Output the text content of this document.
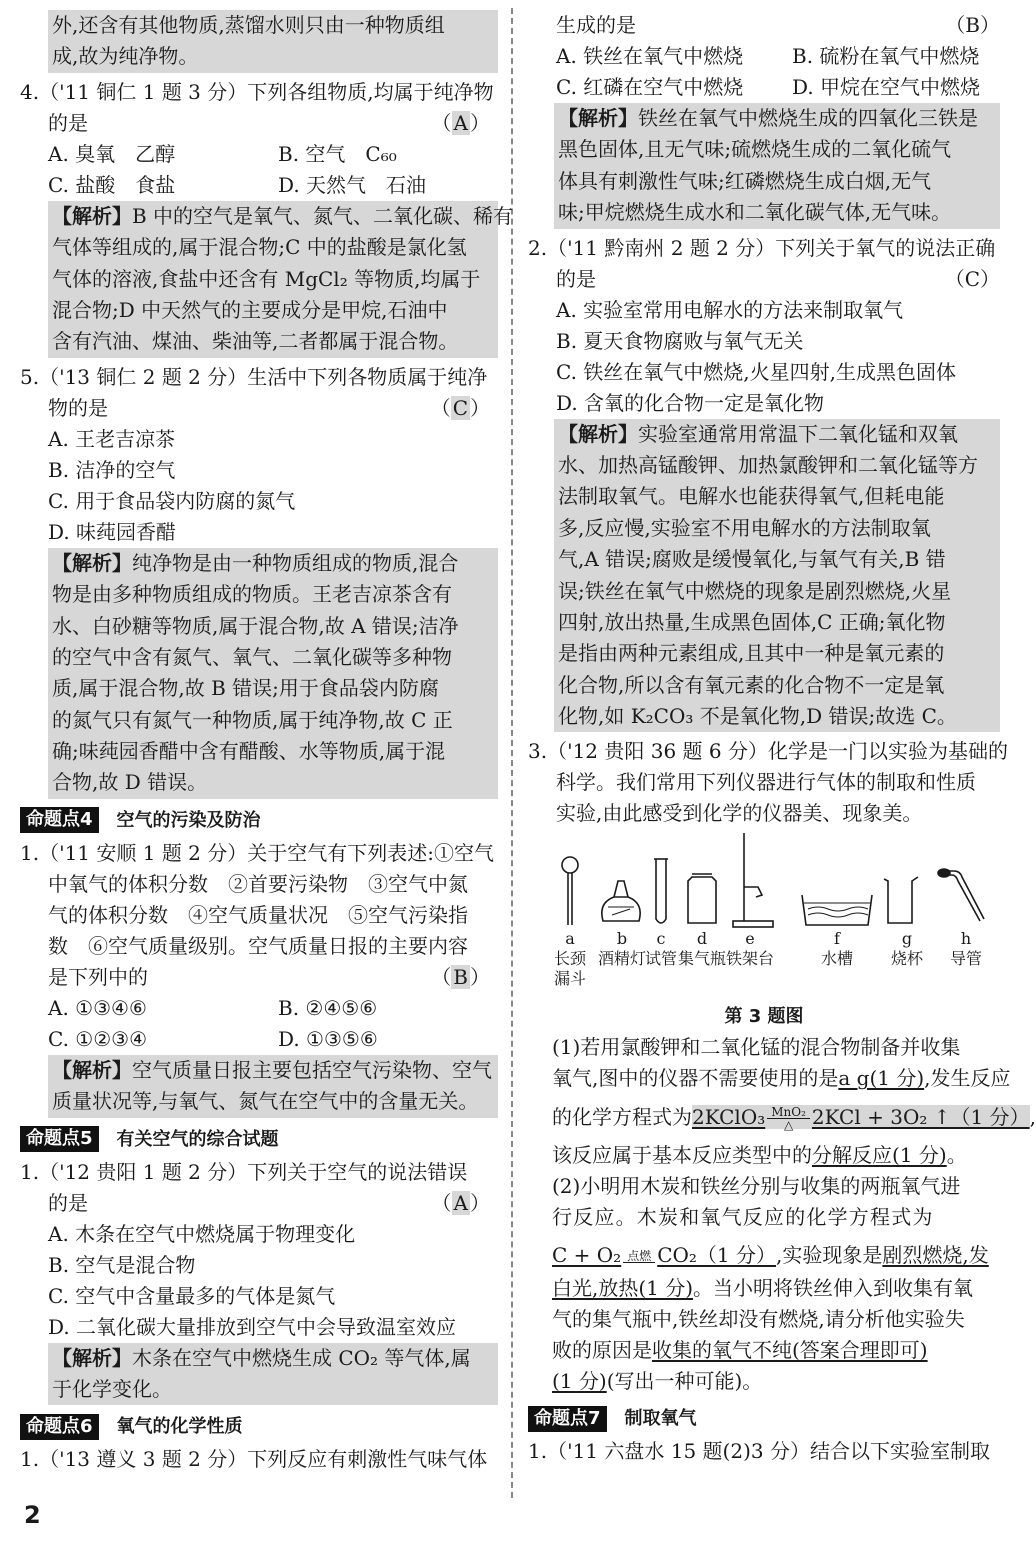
外,还含有其他物质,蒸馏水则只由一种物质组
成,故为纯净物。
4.（'11 铜仁 1 题 3 分）下列各组物质,均属于纯净物
的是	（ A ）
A. 臭氧　乙醇	B. 空气　C₆₀
C. 盐酸　食盐	D. 天然气　石油
【解析】B 中的空气是氧气、氮气、二氧化碳、稀有
气体等组成的,属于混合物;C 中的盐酸是氯化氢
气体的溶液,食盐中还含有 MgCl₂ 等物质,均属于
混合物;D 中天然气的主要成分是甲烷,石油中
含有汽油、煤油、柴油等,二者都属于混合物。
5.（'13 铜仁 2 题 2 分）生活中下列各物质属于纯净
物的是	（ C ）
A. 王老吉凉茶
B. 洁净的空气
C. 用于食品袋内防腐的氮气
D. 味莼园香醋
【解析】纯净物是由一种物质组成的物质,混合
物是由多种物质组成的物质。王老吉凉茶含有
水、白砂糖等物质,属于混合物,故 A 错误;洁净
的空气中含有氮气、氧气、二氧化碳等多种物
质,属于混合物,故 B 错误;用于食品袋内防腐
的氮气只有氮气一种物质,属于纯净物,故 C 正
确;味莼园香醋中含有醋酸、水等物质,属于混
合物,故 D 错误。
命题点4	空气的污染及防治
1.（'11 安顺 1 题 2 分）关于空气有下列表述:①空气
中氧气的体积分数　②首要污染物　③空气中氮
气的体积分数　④空气质量状况　⑤空气污染指
数　⑥空气质量级别。空气质量日报的主要内容
是下列中的	（ B ）
A. ①③④⑥	B. ②④⑤⑥
C. ①②③④	D. ①③⑤⑥
【解析】空气质量日报主要包括空气污染物、空气
质量状况等,与氧气、氮气在空气中的含量无关。
命题点5	有关空气的综合试题
1.（'12 贵阳 1 题 2 分）下列关于空气的说法错误
的是	（ A ）
A. 木条在空气中燃烧属于物理变化
B. 空气是混合物
C. 空气中含量最多的气体是氮气
D. 二氧化碳大量排放到空气中会导致温室效应
【解析】木条在空气中燃烧生成 CO₂ 等气体,属
于化学变化。
命题点6	氧气的化学性质
1.（'13 遵义 3 题 2 分）下列反应有刺激性气味气体
生成的是	（B）
A. 铁丝在氧气中燃烧	B. 硫粉在氧气中燃烧
C. 红磷在空气中燃烧	D. 甲烷在空气中燃烧
【解析】铁丝在氧气中燃烧生成的四氧化三铁是
黑色固体,且无气味;硫燃烧生成的二氧化硫气
体具有刺激性气味;红磷燃烧生成白烟,无气
味;甲烷燃烧生成水和二氧化碳气体,无气味。
2.（'11 黔南州 2 题 2 分）下列关于氧气的说法正确
的是	（C）
A. 实验室常用电解水的方法来制取氧气
B. 夏天食物腐败与氧气无关
C. 铁丝在氧气中燃烧,火星四射,生成黑色固体
D. 含氧的化合物一定是氧化物
【解析】实验室通常用常温下二氧化锰和双氧
水、加热高锰酸钾、加热氯酸钾和二氧化锰等方
法制取氧气。电解水也能获得氧气,但耗电能
多,反应慢,实验室不用电解水的方法制取氧
气,A 错误;腐败是缓慢氧化,与氧气有关,B 错
误;铁丝在氧气中燃烧的现象是剧烈燃烧,火星
四射,放出热量,生成黑色固体,C 正确;氧化物
是指由两种元素组成,且其中一种是氧元素的
化合物,所以含有氧元素的化合物不一定是氧
化物,如 K₂CO₃ 不是氧化物,D 错误;故选 C。
3.（'12 贵阳 36 题 6 分）化学是一门以实验为基础的
科学。我们常用下列仪器进行气体的制取和性质
实验,由此感受到化学的仪器美、现象美。
a
长颈漏斗
b
酒精灯
c
试管
d
集气瓶
e
铁架台
f
水槽
g
烧杯
h
导管
第 3 题图
(1)若用氯酸钾和二氧化锰的混合物制备并收集
氧气,图中的仪器不需要使用的是a g(1 分),发生反应
的化学方程式为2KClO₃ $\frac{\text{MnO₂}}{\triangle} 2KCl + 3O_2$ ↑（1 分）,
该反应属于基本反应类型中的分解反应(1 分)。
(2)小明用木炭和铁丝分别与收集的两瓶氧气进
行反应。木炭和氧气反应的化学方程式为
C + O₂ 点燃 CO₂（1 分）,实验现象是剧烈燃烧,发
白光,放热(1 分)。当小明将铁丝伸入到收集有氧
气的集气瓶中,铁丝却没有燃烧,请分析他实验失
败的原因是收集的氧气不纯(答案合理即可)
(1 分)(写出一种可能)。
命题点7	制取氧气
1.（'11 六盘水 15 题(2)3 分）结合以下实验室制取
2
